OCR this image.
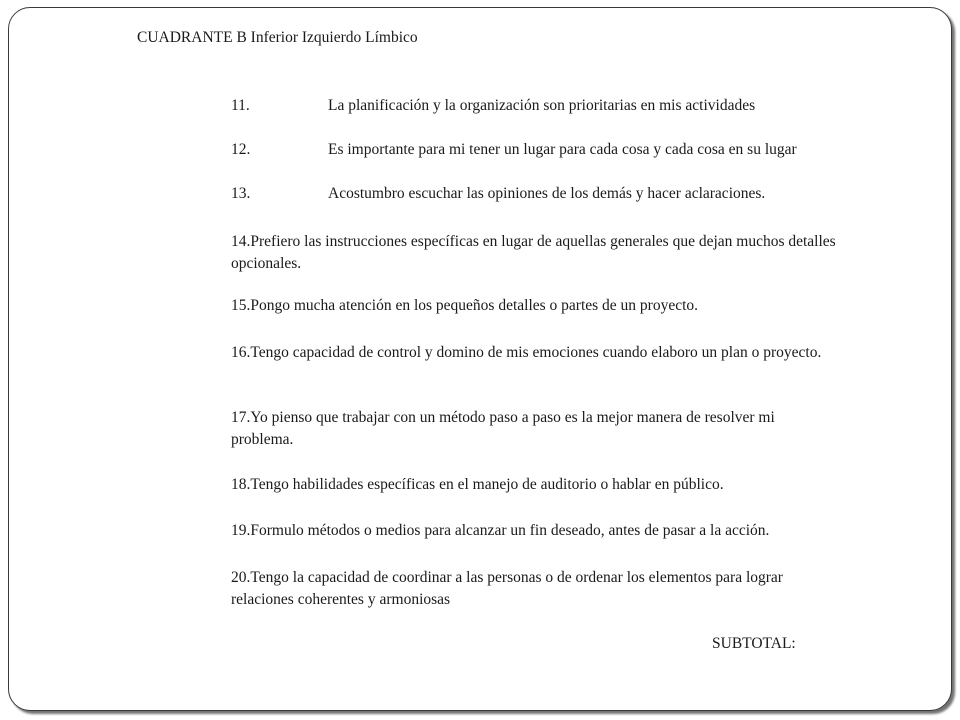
CUADRANTE B Inferior Izquierdo Límbico
11.	La planificación y la organización son prioritarias en mis actividades
12.	Es importante para mi tener un lugar para cada cosa y cada cosa en su lugar
13.	Acostumbro escuchar las opiniones de los demás y hacer aclaraciones.
14.Prefiero las instrucciones específicas en lugar de aquellas generales que dejan muchos detalles opcionales.
15.Pongo mucha atención en los pequeños detalles o partes de un proyecto.
16.Tengo capacidad de control y domino de mis emociones cuando elaboro un plan o proyecto.
17.Yo pienso que trabajar con un método paso a paso es la mejor manera de resolver mi problema.
18.Tengo habilidades específicas en el manejo de auditorio o hablar en público.
19.Formulo métodos o medios para alcanzar un fin deseado, antes de pasar a la acción.
20.Tengo la capacidad de coordinar a las personas o de ordenar los elementos para lograr relaciones coherentes y armoniosas
SUBTOTAL:
